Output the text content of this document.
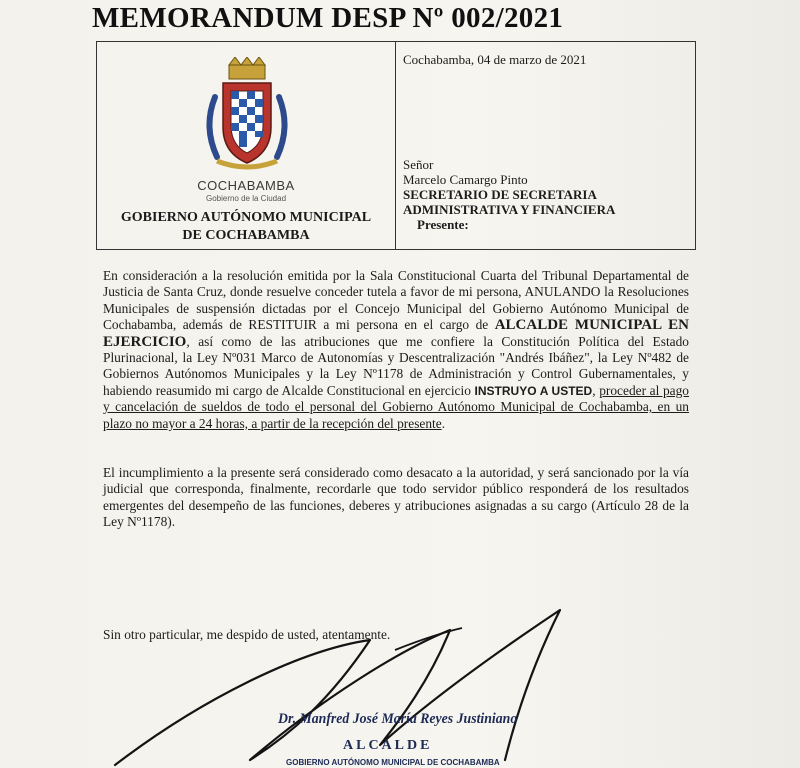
MEMORANDUM DESP Nº 002/2021
COCHABAMBA
Gobierno de la Ciudad
GOBIERNO AUTÓNOMO MUNICIPAL
DE COCHABAMBA
Cochabamba, 04 de marzo de 2021
Señor
Marcelo Camargo Pinto
SECRETARIO DE SECRETARIA
ADMINISTRATIVA Y FINANCIERA
Presente:

En consideración a la resolución emitida por la Sala Constitucional Cuarta del Tribunal Departamental de Justicia de Santa Cruz, donde resuelve conceder tutela a favor de mi persona, ANULANDO la Resoluciones Municipales de suspensión dictadas por el Concejo Municipal del Gobierno Autónomo Municipal de Cochabamba, además de RESTITUIR a mi persona en el cargo de ALCALDE MUNICIPAL EN EJERCICIO, así como de las atribuciones que me confiere la Constitución Política del Estado Plurinacional, la Ley Nº031 Marco de Autonomías y Descentralización "Andrés Ibáñez", la Ley Nº482 de Gobiernos Autónomos Municipales y la Ley Nº1178 de Administración y Control Gubernamentales, y habiendo reasumido mi cargo de Alcalde Constitucional en ejercicio INSTRUYO A USTED, proceder al pago y cancelación de sueldos de todo el personal del Gobierno Autónomo Municipal de Cochabamba, en un plazo no mayor a 24 horas, a partir de la recepción del presente.

El incumplimiento a la presente será considerado como desacato a la autoridad, y será sancionado por la vía judicial que corresponda, finalmente, recordarle que todo servidor público responderá de los resultados emergentes del desempeño de las funciones, deberes y atribuciones asignadas a su cargo (Artículo 28 de la Ley Nº1178).

Sin otro particular, me despido de usted, atentamente.
Dr. Manfred José María Reyes Justiniano
ALCALDE
GOBIERNO AUTÓNOMO MUNICIPAL DE COCHABAMBA
